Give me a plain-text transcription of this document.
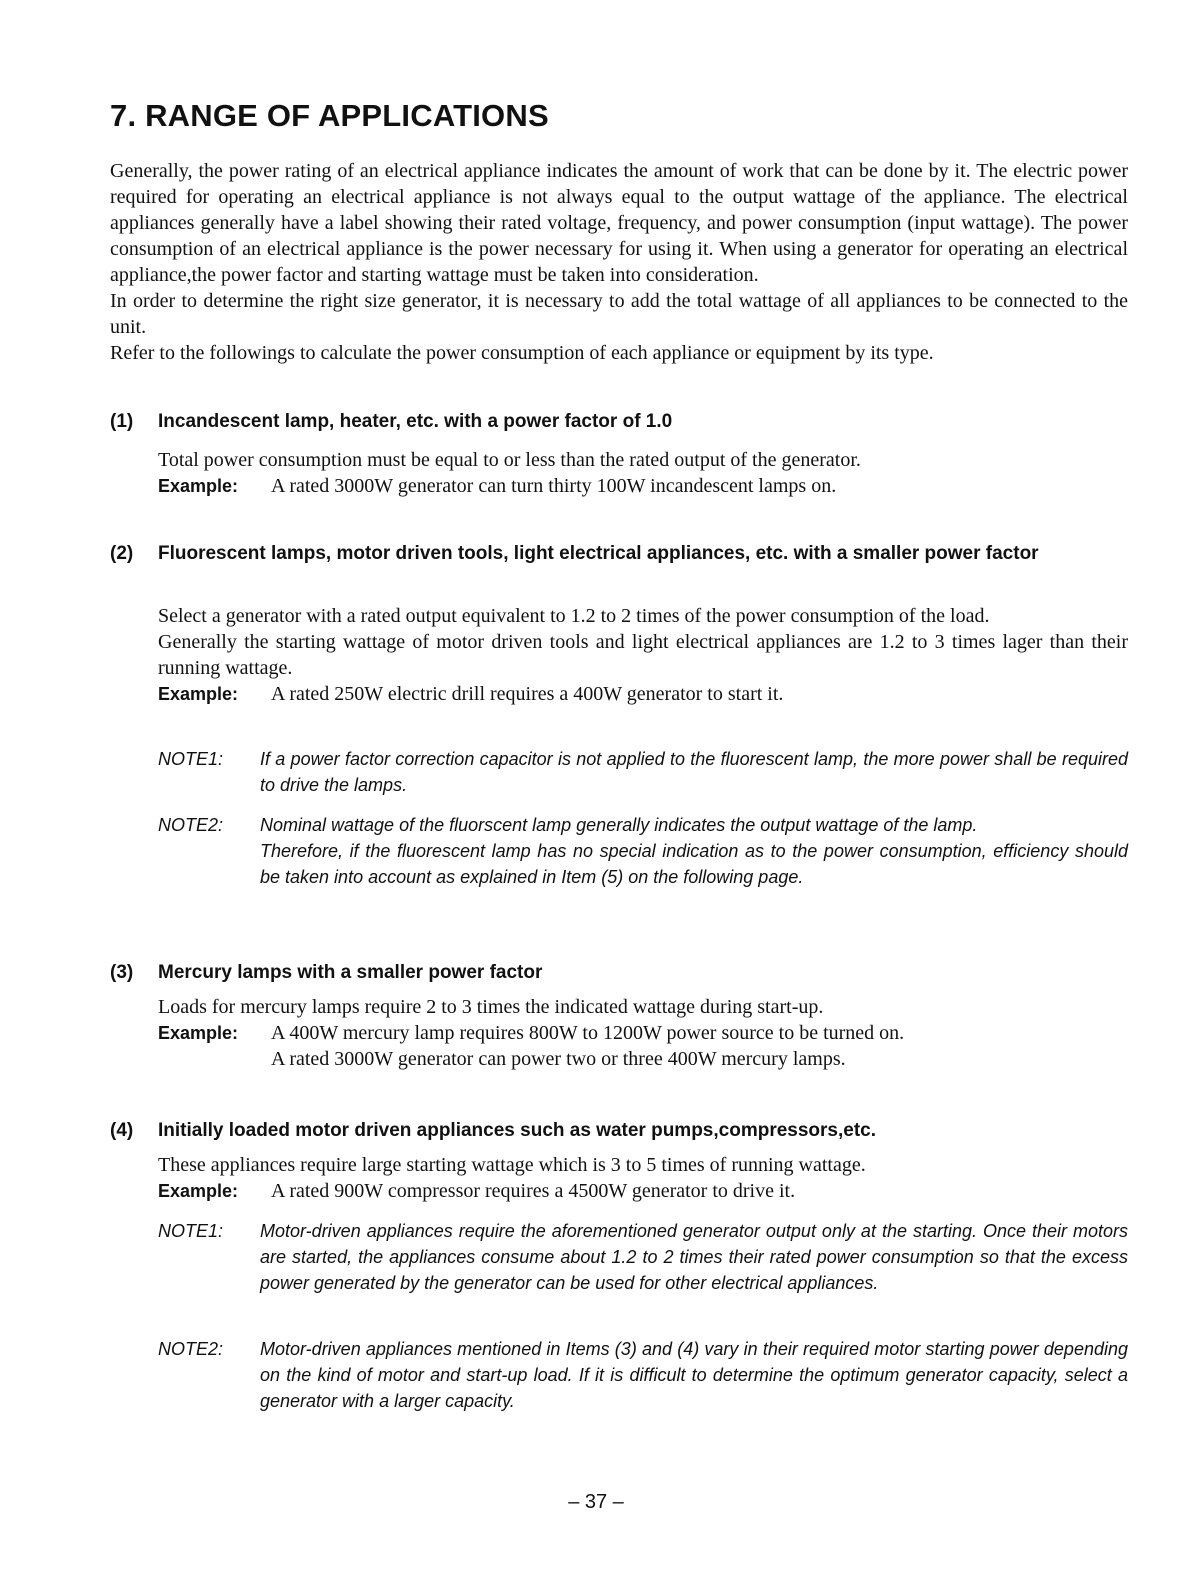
7. RANGE OF APPLICATIONS

Generally, the power rating of an electrical appliance indicates the amount of work that can be done by it. The electric power required for operating an electrical appliance is not always equal to the output wattage of the appliance. The electrical appliances generally have a label showing their rated voltage, frequency, and power consumption (input wattage). The power consumption of an electrical appliance is the power necessary for using it. When using a generator for operating an electrical appliance,the power factor and starting wattage must be taken into consideration.

In order to determine the right size generator, it is necessary to add the total wattage of all appliances to be connected to the unit.

Refer to the followings to calculate the power consumption of each appliance or equipment by its type.

(1) Incandescent lamp, heater, etc. with a power factor of 1.0
Total power consumption must be equal to or less than the rated output of the generator.
Example: A rated 3000W generator can turn thirty 100W incandescent lamps on.
(2) Fluorescent lamps, motor driven tools, light electrical appliances, etc. with a smaller power factor

Select a generator with a rated output equivalent to 1.2 to 2 times of the power consumption of the load.

Generally the starting wattage of motor driven tools and light electrical appliances are 1.2 to 3 times lager than their running wattage.

Example: A rated 250W electric drill requires a 400W generator to start it.
NOTE1: If a power factor correction capacitor is not applied to the fluorescent lamp, the more power shall be required to drive the lamps.

NOTE2: Nominal wattage of the fluorscent lamp generally indicates the output wattage of the lamp.

Therefore, if the fluorescent lamp has no special indication as to the power consumption, efficiency should be taken into account as explained in Item (5) on the following page.

(3) Mercury lamps with a smaller power factor
Loads for mercury lamps require 2 to 3 times the indicated wattage during start-up.
Example: A 400W mercury lamp requires 800W to 1200W power source to be turned on.
A rated 3000W generator can power two or three 400W mercury lamps.
(4) Initially loaded motor driven appliances such as water pumps,compressors,etc.
These appliances require large starting wattage which is 3 to 5 times of running wattage.
Example: A rated 900W compressor requires a 4500W generator to drive it.
NOTE1: Motor-driven appliances require the aforementioned generator output only at the starting. Once their motors are started, the appliances consume about 1.2 to 2 times their rated power consumption so that the excess power generated by the generator can be used for other electrical appliances.

NOTE2: Motor-driven appliances mentioned in Items (3) and (4) vary in their required motor starting power depending on the kind of motor and start-up load. If it is difficult to determine the optimum generator capacity, select a generator with a larger capacity.

– 37 –
